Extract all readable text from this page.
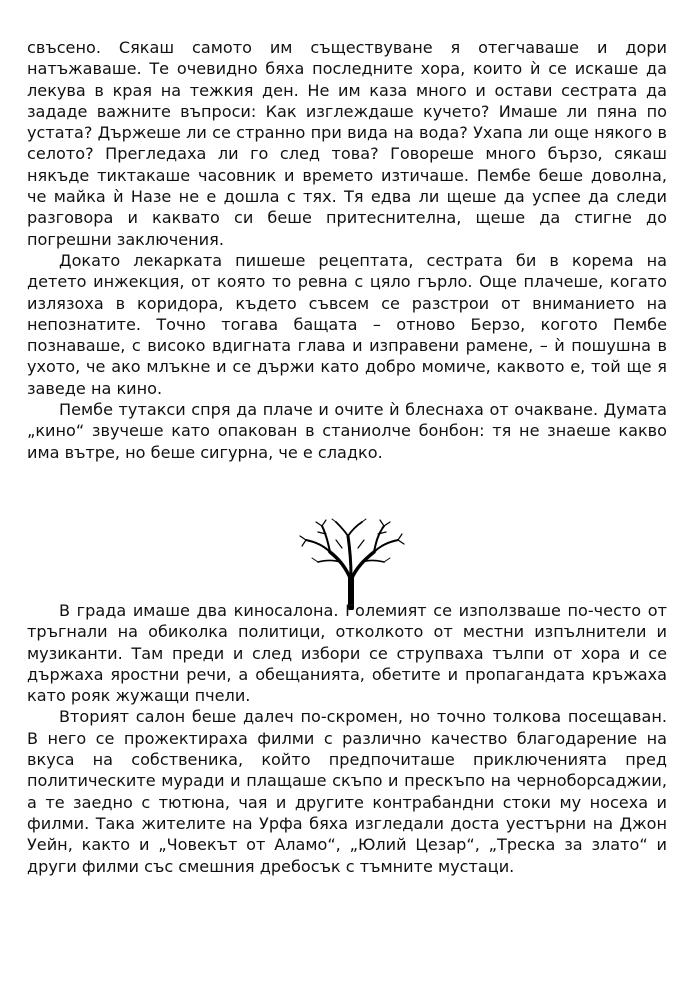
свъсено. Сякаш самото им съществуване я отегчаваше и дори натъжаваше. Те очевидно бяха последните хора, които ѝ се искаше да лекува в края на тежкия ден. Не им каза много и остави сестрата да зададе важните въпроси: Как изглеждаше кучето? Имаше ли пяна по устата? Държеше ли се странно при вида на вода? Ухапа ли още някого в селото? Прегледаха ли го след това? Говореше много бързо, сякаш някъде тиктакаше часовник и времето изтичаше. Пембе беше доволна, че майка ѝ Назе не е дошла с тях. Тя едва ли щеше да успее да следи разговора и каквато си беше притеснителна, щеше да стигне до погрешни заключения.

Докато лекарката пишеше рецептата, сестрата би в корема на детето инжекция, от която то ревна с цяло гърло. Още плачеше, когато излязоха в коридора, където съвсем се разстрои от вниманието на непознатите. Точно тогава бащата – отново Берзо, когото Пембе познаваше, с високо вдигната глава и изправени рамене, – ѝ пошушна в ухото, че ако млъкне и се държи като добро момиче, каквото е, той ще я заведе на кино.

Пембе тутакси спря да плаче и очите ѝ блеснаха от очакване. Думата „кино“ звучеше като опакован в станиолче бонбон: тя не знаеше какво има вътре, но беше сигурна, че е сладко.

В града имаше два киносалона. Големият се използваше по-често от тръгнали на обиколка политици, отколкото от местни изпълнители и музиканти. Там преди и след избори се струпваха тълпи от хора и се държаха яростни речи, а обещанията, обетите и пропагандата кръжаха като рояк жужащи пчели.

Вторият салон беше далеч по-скромен, но точно толкова посещаван. В него се прожектираха филми с различно качество благодарение на вкуса на собственика, който предпочиташе приключенията пред политическите муради и плащаше скъпо и прескъпо на черноборсаджии, а те заедно с тютюна, чая и другите контрабандни стоки му носеха и филми. Така жителите на Урфа бяха изгледали доста уестърни на Джон Уейн, както и „Човекът от Аламо“, „Юлий Цезар“, „Треска за злато“ и други филми със смешния дребосък с тъмните мустаци.
